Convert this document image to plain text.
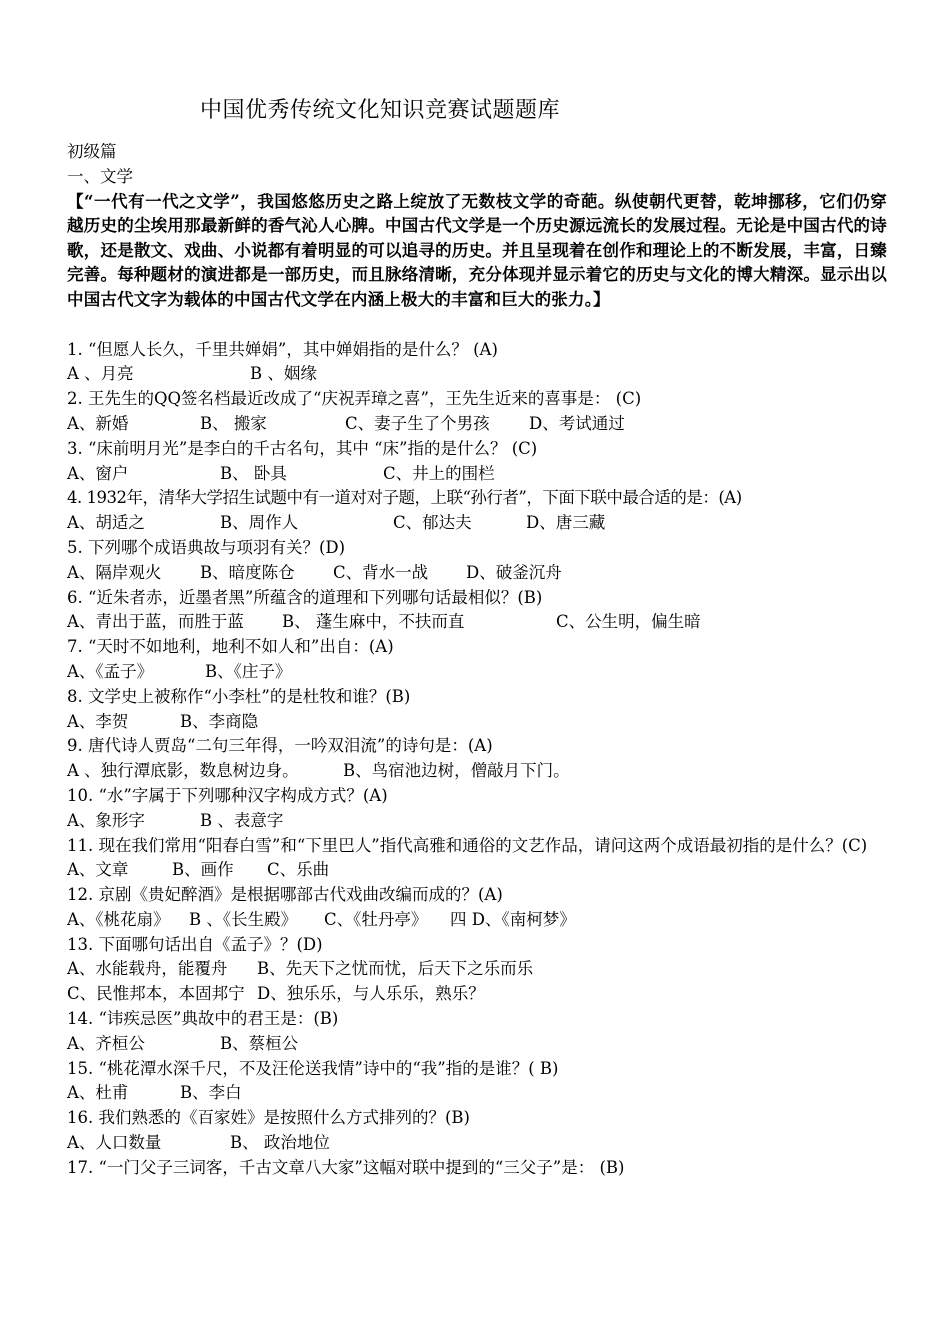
中国优秀传统文化知识竞赛试题题库
初级篇
一、文学

【“一代有一代之文学”，我国悠悠历史之路上绽放了无数枝文学的奇葩。纵使朝代更替，乾坤挪移，它们仍穿越历史的尘埃用那最新鲜的香气沁人心脾。中国古代文学是一个历史源远流长的发展过程。无论是中国古代的诗歌，还是散文、戏曲、小说都有着明显的可以追寻的历史。并且呈现着在创作和理论上的不断发展，丰富，日臻完善。每种题材的演进都是一部历史，而且脉络清晰，充分体现并显示着它的历史与文化的博大精深。显示出以中国古代文字为载体的中国古代文学在内涵上极大的丰富和巨大的张力。】

1. “但愿人长久，千里共婵娟”，其中婵娟指的是什么？ (A)
A 、月亮	B 、姻缘
2. 王先生的QQ签名档最近改成了“庆祝弄璋之喜”，王先生近来的喜事是： (C)
A、新婚	B、 搬家	C、妻子生了个男孩 D、考试通过
3. “床前明月光”是李白的千古名句，其中 “床”指的是什么？ (C)
A、窗户	B、 卧具	C、井上的围栏
4. 1932年，清华大学招生试题中有一道对对子题，上联“孙行者”，下面下联中最合适的是：(A)
A、胡适之	B、周作人	C、郁达夫	D、唐三藏
5. 下列哪个成语典故与项羽有关？(D)
A、隔岸观火 B、暗度陈仓 C、背水一战 D、破釜沉舟
6. “近朱者赤，近墨者黑”所蕴含的道理和下列哪句话最相似？(B)
A、青出于蓝，而胜于蓝 B、 蓬生麻中，不扶而直	C、公生明，偏生暗
7. “天时不如地利，地利不如人和”出自：(A)
A、《孟子》	B、《庄子》
8. 文学史上被称作“小李杜”的是杜牧和谁？(B)
A、李贺	B、李商隐
9. 唐代诗人贾岛“二句三年得，一吟双泪流”的诗句是：(A)
A 、独行潭底影，数息树边身。	B、鸟宿池边树，僧敲月下门。
10. “水”字属于下列哪种汉字构成方式？(A)
A、象形字	B 、表意字
11. 现在我们常用“阳春白雪”和“下里巴人”指代高雅和通俗的文艺作品，请问这两个成语最初指的是什么？(C)
A、文章	B、画作 C、乐曲
12. 京剧《贵妃醉酒》是根据哪部古代戏曲改编而成的？(A)
A、《桃花扇》 B 、《长生殿》 C、《牡丹亭》 四 D、《南柯梦》
13. 下面哪句话出自《孟子》？(D)
A、水能载舟，能覆舟 B、先天下之忧而忧，后天下之乐而乐
C、民惟邦本，本固邦宁 D、独乐乐，与人乐乐，熟乐？
14. “讳疾忌医”典故中的君王是：(B)
A、齐桓公	B、蔡桓公
15. “桃花潭水深千尺，不及汪伦送我情”诗中的“我”指的是谁？( B)
A、杜甫	B、李白
16. 我们熟悉的《百家姓》是按照什么方式排列的？(B)
A、人口数量	B、 政治地位
17. “一门父子三词客，千古文章八大家”这幅对联中提到的“三父子”是： (B)
